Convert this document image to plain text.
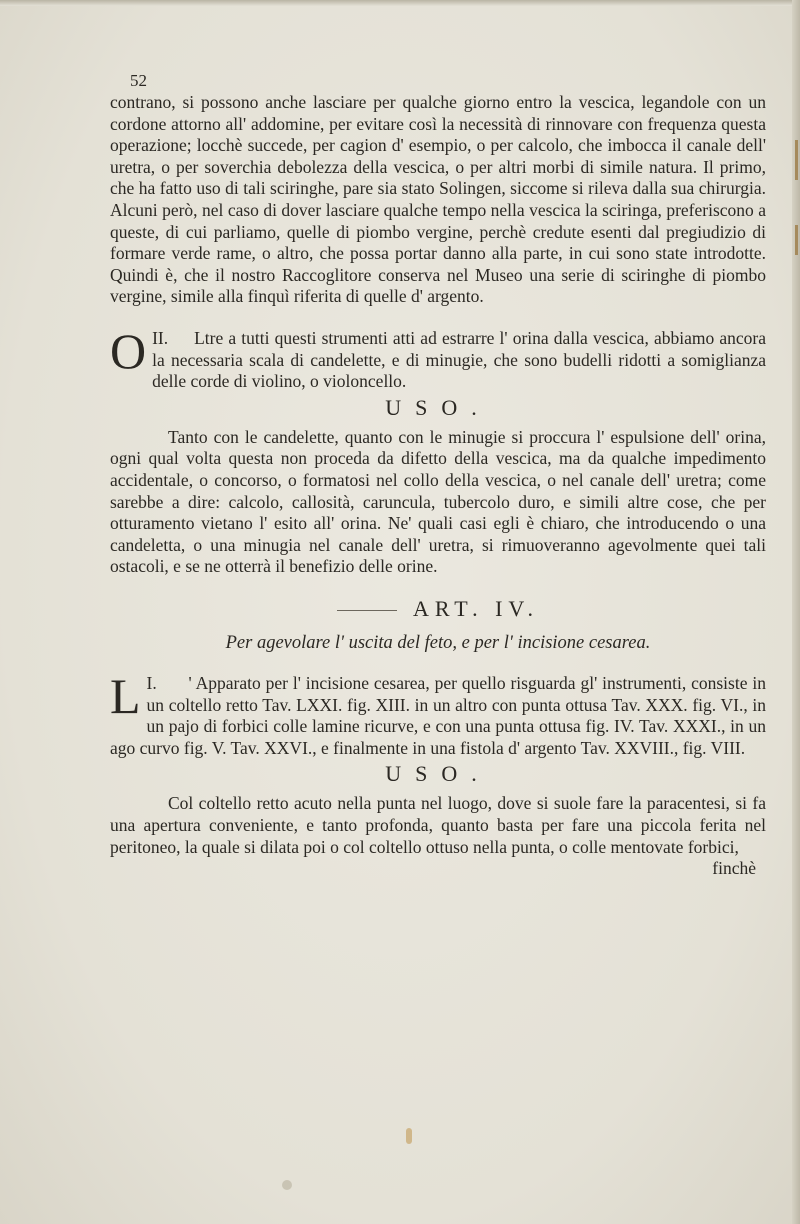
52

contrano, si possono anche lasciare per qualche giorno entro la vescica, legandole con un cordone attorno all' addomine, per evitare così la necessità di rinnovare con frequenza questa operazione; locchè succede, per cagion d' esempio, o per calcolo, che imbocca il canale dell' uretra, o per soverchia debolezza della vescica, o per altri morbi di simile natura. Il primo, che ha fatto uso di tali sciringhe, pare sia stato Solingen, siccome si rileva dalla sua chirurgia. Alcuni però, nel caso di dover lasciare qualche tempo nella vescica la sciringa, preferiscono a queste, di cui parliamo, quelle di piombo vergine, perchè credute esenti dal pregiudizio di formare verde rame, o altro, che possa portar danno alla parte, in cui sono state introdotte. Quindi è, che il nostro Raccoglitore conserva nel Museo una serie di sciringhe di piombo vergine, simile alla finquì riferita di quelle d' argento.

II.
O	Ltre a tutti questi strumenti atti ad estrarre l' orina dalla vescica, abbiamo ancora la necessaria scala di candelette, e di minugie, che sono budelli ridotti a somiglianza delle corde di violino, o violoncello.

USO.

Tanto con le candelette, quanto con le minugie si proccura l' espulsione dell' orina, ogni qual volta questa non proceda da difetto della vescica, ma da qualche impedimento accidentale, o concorso, o formatosi nel collo della vescica, o nel canale dell' uretra; come sarebbe a dire: calcolo, callosità, caruncula, tubercolo duro, e simili altre cose, che per otturamento vietano l' esito all' orina. Ne' quali casi egli è chiaro, che introducendo o una candeletta, o una minugia nel canale dell' uretra, si rimuoveranno agevolmente quei tali ostacoli, e se ne otterrà il benefizio delle orine.

ART. IV.
Per agevolare l' uscita del feto, e per l' incisione cesarea.

I.
L	' Apparato per l' incisione cesarea, per quello risguarda gl' instrumenti, consiste in un coltello retto Tav. LXXI. fig. XIII. in un altro con punta ottusa Tav. XXX. fig. VI., in un pajo di forbici colle lamine ricurve, e con una punta ottusa fig. IV. Tav. XXXI., in un ago curvo fig. V. Tav. XXVI., e finalmente in una fistola d' argento Tav. XXVIII., fig. VIII.

USO.

Col coltello retto acuto nella punta nel luogo, dove si suole fare la paracentesi, si fa una apertura conveniente, e tanto profonda, quanto basta per fare una piccola ferita nel peritoneo, la quale si dilata poi o col coltello ottuso nella punta, o colle mentovate forbici,

finchè
